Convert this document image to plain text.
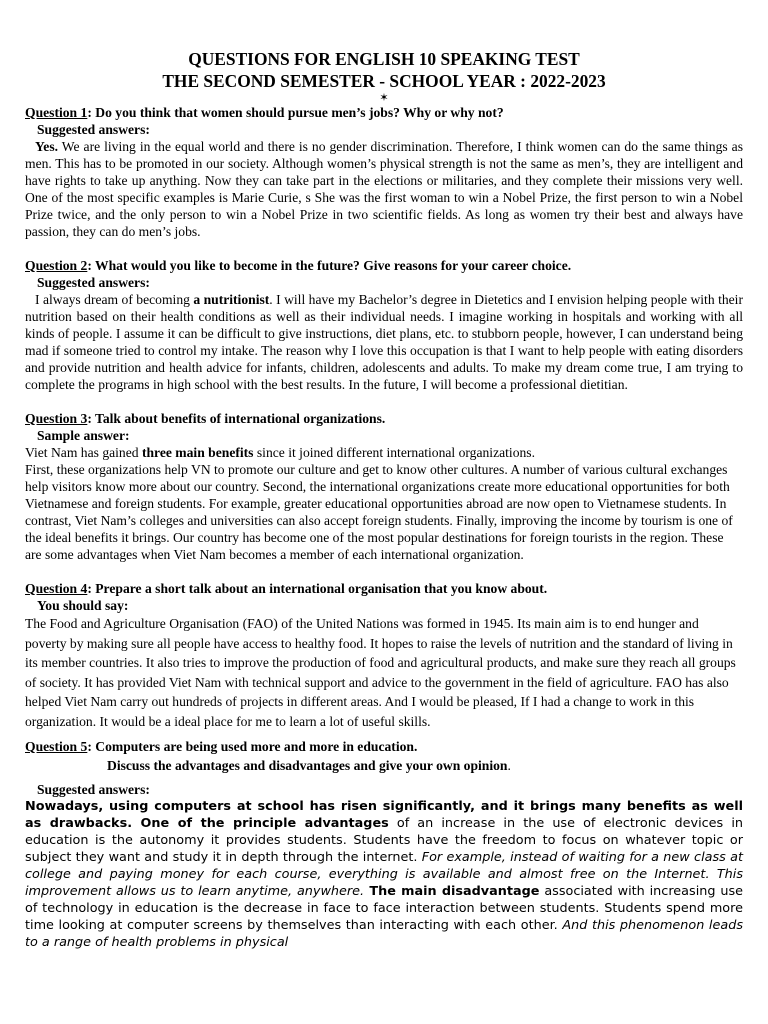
QUESTIONS FOR ENGLISH 10 SPEAKING TEST

THE SECOND SEMESTER - SCHOOL YEAR : 2022-2023

✶

Question 1: Do you think that women should pursue men’s jobs? Why or why not?

Suggested answers:

Yes. We are living in the equal world and there is no gender discrimination. Therefore, I think women can do the same things as men. This has to be promoted in our society. Although women’s physical strength is not the same as men’s, they are intelligent and have rights to take up anything. Now they can take part in the elections or militaries, and they complete their missions very well. One of the most specific examples is Marie Curie, s She was the first woman to win a Nobel Prize, the first person to win a Nobel Prize twice, and the only person to win a Nobel Prize in two scientific fields. As long as women try their best and always have passion, they can do men’s jobs.

Question 2: What would you like to become in the future? Give reasons for your career choice.

Suggested answers:

I always dream of becoming a nutritionist. I will have my Bachelor’s degree in Dietetics and I envision helping people with their nutrition based on their health conditions as well as their individual needs. I imagine working in hospitals and working with all kinds of people. I assume it can be difficult to give instructions, diet plans, etc. to stubborn people, however, I can understand being mad if someone tried to control my intake. The reason why I love this occupation is that I want to help people with eating disorders and provide nutrition and health advice for infants, children, adolescents and adults. To make my dream come true, I am trying to complete the programs in high school with the best results. In the future, I will become a professional dietitian.

Question 3: Talk about benefits of international organizations.

Sample answer:

Viet Nam has gained three main benefits since it joined different international organizations.

First, these organizations help VN to promote our culture and get to know other cultures. A number of various cultural exchanges help visitors know more about our country. Second, the international organizations create more educational opportunities for both Vietnamese and foreign students. For example, greater educational opportunities abroad are now open to Vietnamese students. In contrast, Viet Nam’s colleges and universities can also accept foreign students. Finally, improving the income by tourism is one of the ideal benefits it brings. Our country has become one of the most popular destinations for foreign tourists in the region. These are some advantages when Viet Nam becomes a member of each international organization.

Question 4: Prepare a short talk about an international organisation that you know about.

You should say:

The Food and Agriculture Organisation (FAO) of the United Nations was formed in 1945. Its main aim is to end hunger and poverty by making sure all people have access to healthy food. It hopes to raise the levels of nutrition and the standard of living in its member countries. It also tries to improve the production of food and agricultural products, and make sure they reach all groups of society. It has provided Viet Nam with technical support and advice to the government in the field of agriculture. FAO has also helped Viet Nam carry out hundreds of projects in different areas. And I would be pleased, If I had a change to work in this organization. It would be a ideal place for me to learn a lot of useful skills.

Question 5: Computers are being used more and more in education.

Discuss the advantages and disadvantages and give your own opinion.

Suggested answers:

Nowadays, using computers at school has risen significantly, and it brings many benefits as well as drawbacks. One of the principle advantages of an increase in the use of electronic devices in education is the autonomy it provides students. Students have the freedom to focus on whatever topic or subject they want and study it in depth through the internet. For example, instead of waiting for a new class at college and paying money for each course, everything is available and almost free on the Internet. This improvement allows us to learn anytime, anywhere. The main disadvantage associated with increasing use of technology in education is the decrease in face to face interaction between students. Students spend more time looking at computer screens by themselves than interacting with each other. And this phenomenon leads to a range of health problems in physical
